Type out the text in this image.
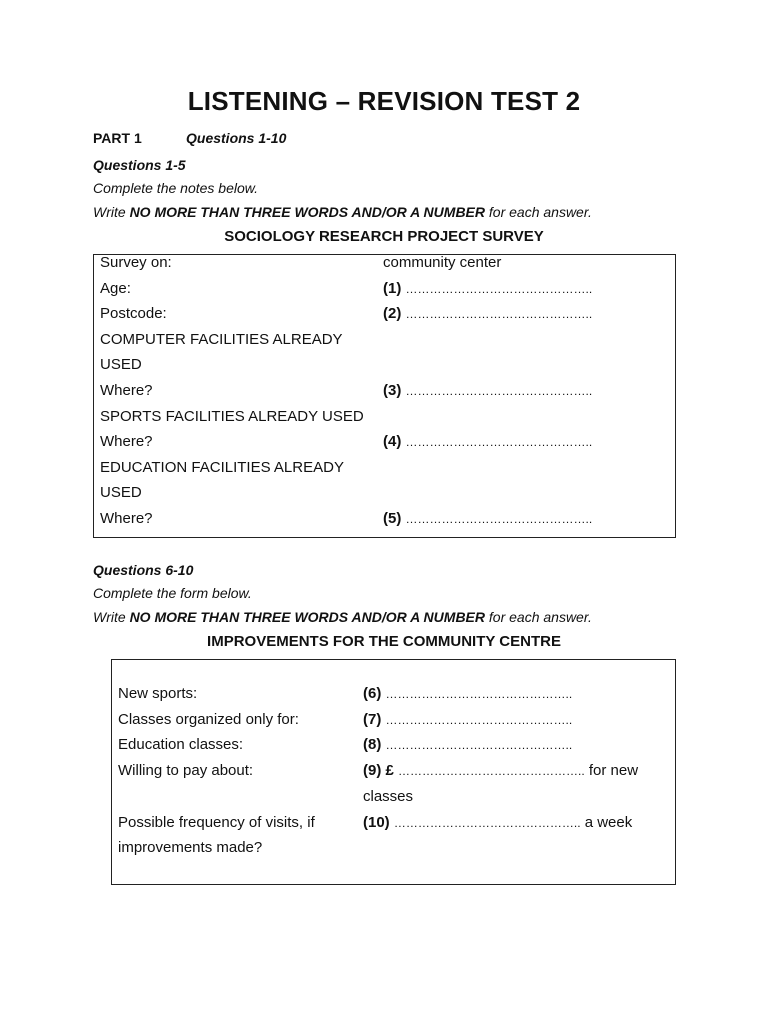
LISTENING – REVISION TEST 2
PART 1	Questions 1-10
Questions 1-5
Complete the notes below.
Write NO MORE THAN THREE WORDS AND/OR A NUMBER for each answer.
SOCIOLOGY RESEARCH PROJECT SURVEY
Survey on:	community center
Age:	(1) ………………………………………..
Postcode:	(2) ………………………………………..
COMPUTER FACILITIES ALREADY
USED
Where?	(3) ………………………………………..
SPORTS FACILITIES ALREADY USED
Where?	(4) ………………………………………..
EDUCATION FACILITIES ALREADY
USED
Where?	(5) ………………………………………..
Questions 6-10
Complete the form below.
Write NO MORE THAN THREE WORDS AND/OR A NUMBER for each answer.
IMPROVEMENTS FOR THE COMMUNITY CENTRE
New sports:	(6) ………………………………………..
Classes organized only for:	(7) ………………………………………..
Education classes:	(8) ………………………………………..
Willing to pay about:	(9) £ ……………………………………….. for new
classes
Possible frequency of visits, if	(10) ……………………………………….. a week
improvements made?
